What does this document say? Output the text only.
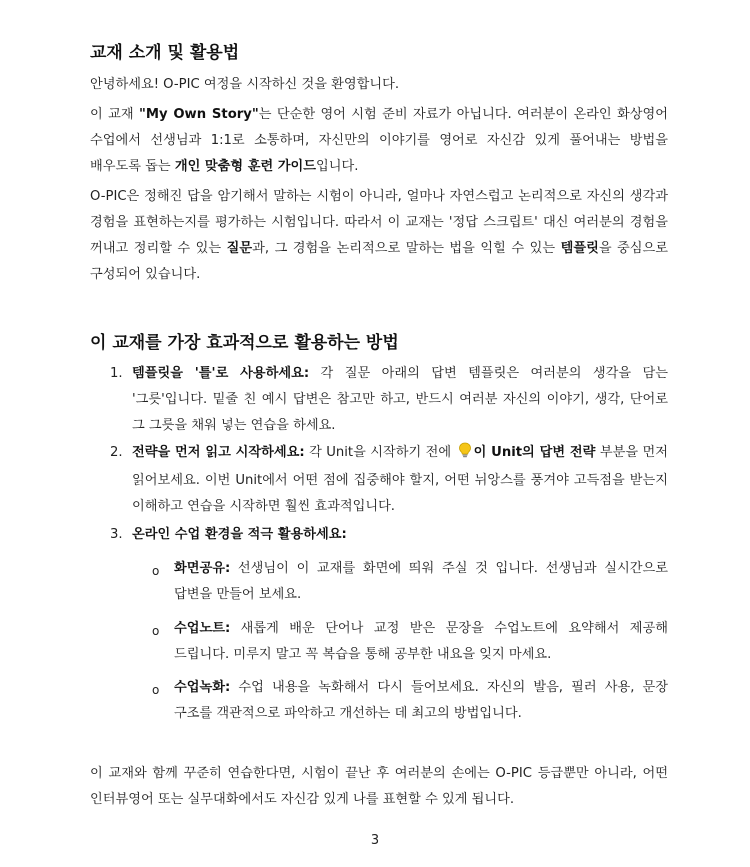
교재 소개 및 활용법

안녕하세요! O-PIC 여정을 시작하신 것을 환영합니다.

이 교재 "My Own Story"는 단순한 영어 시험 준비 자료가 아닙니다. 여러분이 온라인 화상영어 수업에서 선생님과 1:1로 소통하며, 자신만의 이야기를 영어로 자신감 있게 풀어내는 방법을 배우도록 돕는 개인 맞춤형 훈련 가이드입니다.

O-PIC은 정해진 답을 암기해서 말하는 시험이 아니라, 얼마나 자연스럽고 논리적으로 자신의 생각과 경험을 표현하는지를 평가하는 시험입니다. 따라서 이 교재는 '정답 스크립트' 대신 여러분의 경험을 꺼내고 정리할 수 있는 질문과, 그 경험을 논리적으로 말하는 법을 익힐 수 있는 템플릿을 중심으로 구성되어 있습니다.

이 교재를 가장 효과적으로 활용하는 방법
1. 템플릿을 '틀'로 사용하세요: 각 질문 아래의 답변 템플릿은 여러분의 생각을 담는 '그릇'입니다. 밑줄 친 예시 답변은 참고만 하고, 반드시 여러분 자신의 이야기, 생각, 단어로 그 그릇을 채워 넣는 연습을 하세요.

2. 전략을 먼저 읽고 시작하세요: 각 Unit을 시작하기 전에 이 Unit의 답변 전략 부분을 먼저 읽어보세요. 이번 Unit에서 어떤 점에 집중해야 할지, 어떤 뉘앙스를 풍겨야 고득점을 받는지 이해하고 연습을 시작하면 훨씬 효과적입니다.

3. 온라인 수업 환경을 적극 활용하세요:

o 화면공유: 선생님이 이 교재를 화면에 띄워 주실 것 입니다. 선생님과 실시간으로 답변을 만들어 보세요.

o 수업노트: 새롭게 배운 단어나 교정 받은 문장을 수업노트에 요약해서 제공해 드립니다. 미루지 말고 꼭 복습을 통해 공부한 내요을 잊지 마세요.

o 수업녹화: 수업 내용을 녹화해서 다시 들어보세요. 자신의 발음, 필러 사용, 문장 구조를 객관적으로 파악하고 개선하는 데 최고의 방법입니다.

이 교재와 함께 꾸준히 연습한다면, 시험이 끝난 후 여러분의 손에는 O-PIC 등급뿐만 아니라, 어떤 인터뷰영어 또는 실무대화에서도 자신감 있게 나를 표현할 수 있게 됩니다.

3
